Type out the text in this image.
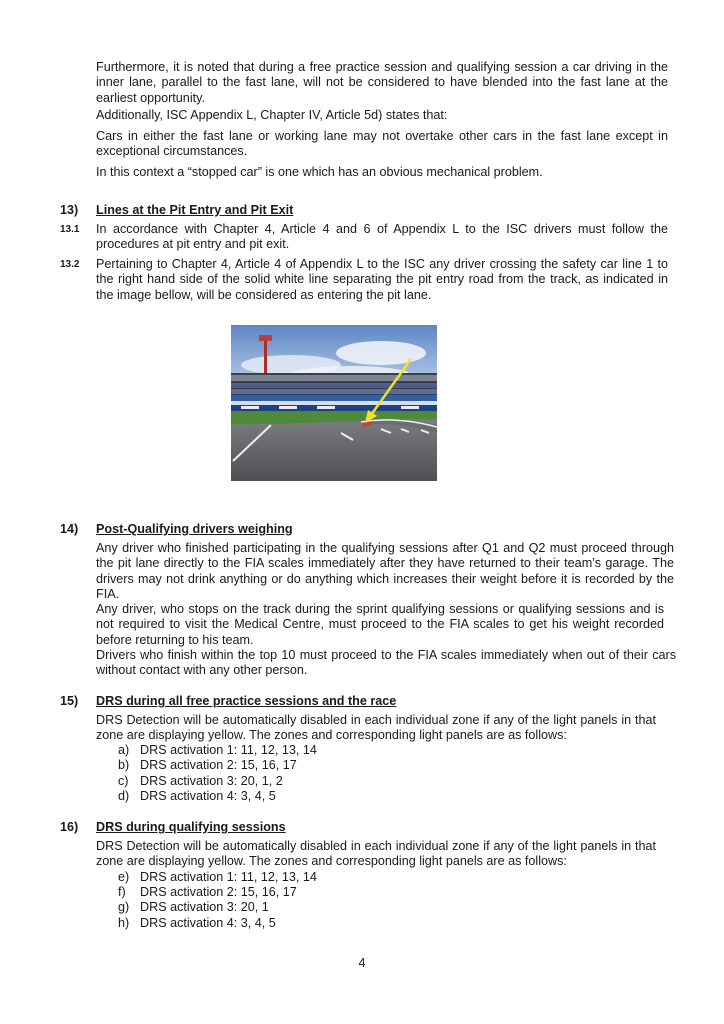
Furthermore, it is noted that during a free practice session and qualifying session a car driving in the inner lane, parallel to the fast lane, will not be considered to have blended into the fast lane at the earliest opportunity.

Additionally, ISC Appendix L, Chapter IV, Article 5d) states that:

Cars in either the fast lane or working lane may not overtake other cars in the fast lane except in exceptional circumstances.

In this context a “stopped car” is one which has an obvious mechanical problem.

13) Lines at the Pit Entry and Pit Exit
13.1 In accordance with Chapter 4, Article 4 and 6 of Appendix L to the ISC drivers must follow the procedures at pit entry and pit exit.

13.2 Pertaining to Chapter 4, Article 4 of Appendix L to the ISC any driver crossing the safety car line 1 to the right hand side of the solid white line separating the pit entry road from the track, as indicated in the image bellow, will be considered as entering the pit lane.

14) Post-Qualifying drivers weighing

Any driver who finished participating in the qualifying sessions after Q1 and Q2 must proceed through the pit lane directly to the FIA scales immediately after they have returned to their team’s garage. The drivers may not drink anything or do anything which increases their weight before it is recorded by the FIA.

Any driver, who stops on the track during the sprint qualifying sessions or qualifying sessions and is not required to visit the Medical Centre, must proceed to the FIA scales to get his weight recorded before returning to his team.

Drivers who finish within the top 10 must proceed to the FIA scales immediately when out of their cars without contact with any other person.

15) DRS during all free practice sessions and the race

DRS Detection will be automatically disabled in each individual zone if any of the light panels in that zone are displaying yellow. The zones and corresponding light panels are as follows:

a) DRS activation 1: 11, 12, 13, 14
b) DRS activation 2: 15, 16, 17
c) DRS activation 3: 20, 1, 2
d) DRS activation 4: 3, 4, 5
16) DRS during qualifying sessions

DRS Detection will be automatically disabled in each individual zone if any of the light panels in that zone are displaying yellow. The zones and corresponding light panels are as follows:

e) DRS activation 1: 11, 12, 13, 14
f) DRS activation 2: 15, 16, 17
g) DRS activation 3: 20, 1
h) DRS activation 4: 3, 4, 5
4
